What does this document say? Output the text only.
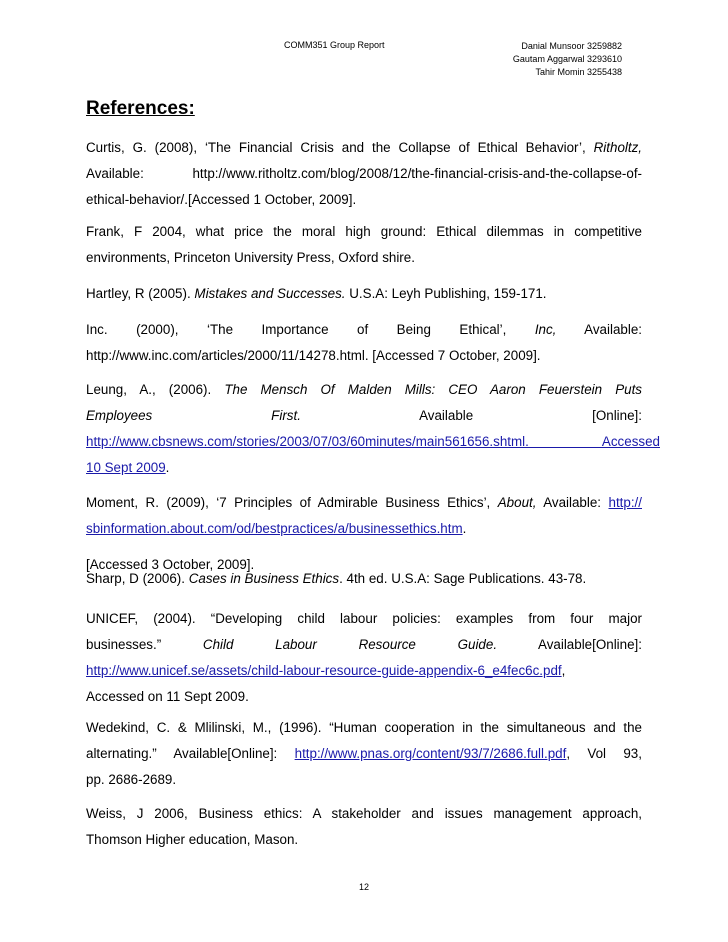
COMM351 Group Report	Danial Munsoor 3259882
Gautam Aggarwal 3293610
Tahir Momin 3255438
References:
Curtis, G. (2008), ‘The Financial Crisis and the Collapse of Ethical Behavior’, Ritholtz,
Available:    http://www.ritholtz.com/blog/2008/12/the-financial-crisis-and-the-collapse-of-
ethical-behavior/.[Accessed 1 October, 2009].
Frank, F 2004, what price the moral high ground: Ethical dilemmas in competitive
environments, Princeton University Press, Oxford shire.
Hartley, R (2005). Mistakes and Successes. U.S.A: Leyh Publishing, 159-171.
Inc.   (2000),   ‘The   Importance   of   Being   Ethical’, Inc, Available:
http://www.inc.com/articles/2000/11/14278.html. [Accessed 7 October, 2009].
Leung, A., (2006). The Mensch Of Malden Mills: CEO Aaron Feuerstein Puts
Employees	First.	Available	[Online]:
http://www.cbsnews.com/stories/2003/07/03/60minutes/main561656.shtml.     Accessed
10 Sept 2009.
Moment, R. (2009), ‘7 Principles of Admirable Business Ethics’, About, Available: http://
sbinformation.about.com/od/bestpractices/a/businessethics.htm.
[Accessed 3 October, 2009].
Sharp, D (2006). Cases in Business Ethics. 4th ed. U.S.A: Sage Publications. 43-78.
UNICEF, (2004). “Developing child labour policies: examples from four major
businesses.”	Child	Labour	Resource	Guide.	Available[Online]:
http://www.unicef.se/assets/child-labour-resource-guide-appendix-6_e4fec6c.pdf,
Accessed on 11 Sept 2009.
Wedekind, C. & Mlilinski, M., (1996). “Human cooperation in the simultaneous and the
alternating.”  Available[Online]: http://www.pnas.org/content/93/7/2686.full.pdf,  Vol  93,
pp. 2686-2689.
Weiss, J 2006, Business ethics: A stakeholder and issues management approach,
Thomson Higher education, Mason.
12
